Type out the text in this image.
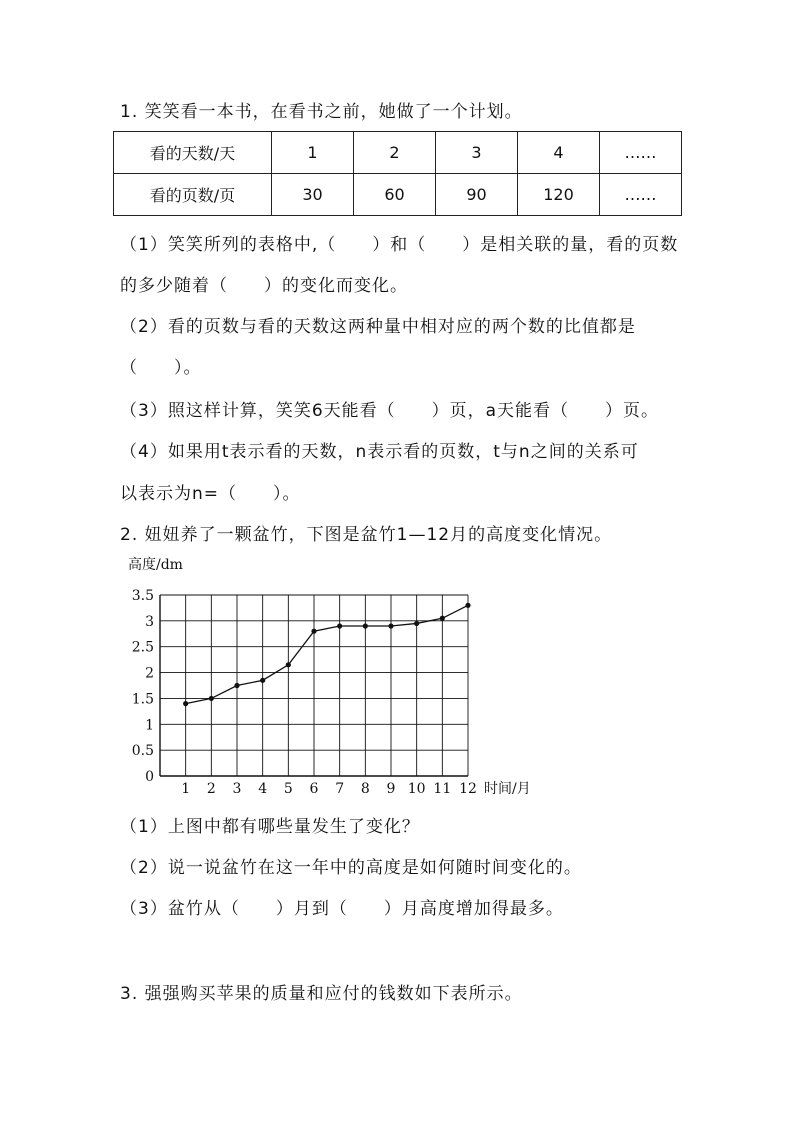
1. 笑笑看一本书，在看书之前，她做了一个计划。
看的天数/天	1	2	3	4	……
看的页数/页	30	60	90	120	……
（1）笑笑所列的表格中,（　　）和（　　）是相关联的量，看的页数
的多少随着（　　）的变化而变化。
（2）看的页数与看的天数这两种量中相对应的两个数的比值都是
（　　）。
（3）照这样计算，笑笑6天能看（　　）页，a天能看（　　）页。
（4）如果用t表示看的天数，n表示看的页数，t与n之间的关系可
以表示为n=（　　）。
2. 妞妞养了一颗盆竹，下图是盆竹1—12月的高度变化情况。
高度/dm
0
0.5
1
1.5
2
2.5
3
3.5
1 2 3 4 5 6 7 8 9 10 11 12 时间/月
（1）上图中都有哪些量发生了变化？
（2）说一说盆竹在这一年中的高度是如何随时间变化的。
（3）盆竹从（　　）月到（　　）月高度增加得最多。
3. 强强购买苹果的质量和应付的钱数如下表所示。
